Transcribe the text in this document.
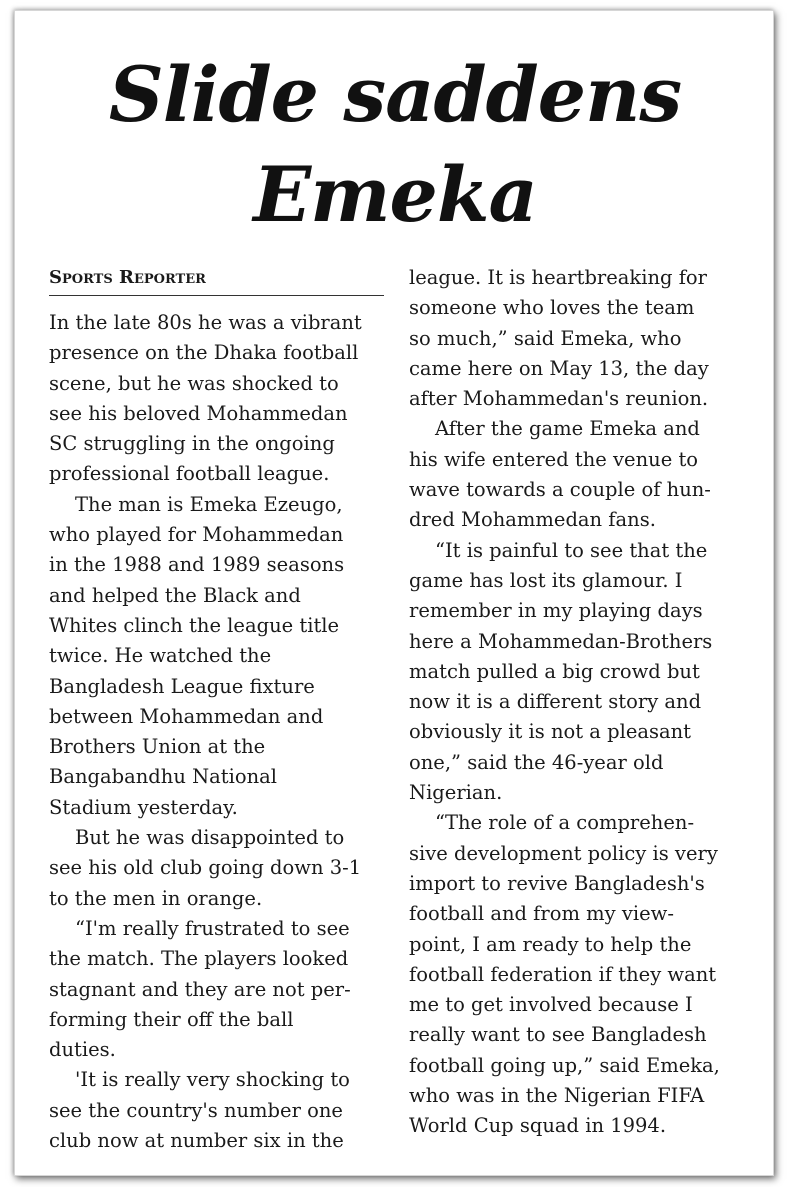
Slide saddens
Emeka
Sports Reporter
In the late 80s he was a vibrant
presence on the Dhaka football
scene, but he was shocked to
see his beloved Mohammedan
SC struggling in the ongoing
professional football league.
The man is Emeka Ezeugo,
who played for Mohammedan
in the 1988 and 1989 seasons
and helped the Black and
Whites clinch the league title
twice. He watched the
Bangladesh League fixture
between Mohammedan and
Brothers Union at the
Bangabandhu National
Stadium yesterday.
But he was disappointed to
see his old club going down 3-1
to the men in orange.
“I'm really frustrated to see
the match. The players looked
stagnant and they are not per-
forming their off the ball
duties.
'It is really very shocking to
see the country's number one
club now at number six in the
league. It is heartbreaking for
someone who loves the team
so much,” said Emeka, who
came here on May 13, the day
after Mohammedan's reunion.
After the game Emeka and
his wife entered the venue to
wave towards a couple of hun-
dred Mohammedan fans.
“It is painful to see that the
game has lost its glamour. I
remember in my playing days
here a Mohammedan-Brothers
match pulled a big crowd but
now it is a different story and
obviously it is not a pleasant
one,” said the 46-year old
Nigerian.
“The role of a comprehen-
sive development policy is very
import to revive Bangladesh's
football and from my view-
point, I am ready to help the
football federation if they want
me to get involved because I
really want to see Bangladesh
football going up,” said Emeka,
who was in the Nigerian FIFA
World Cup squad in 1994.
